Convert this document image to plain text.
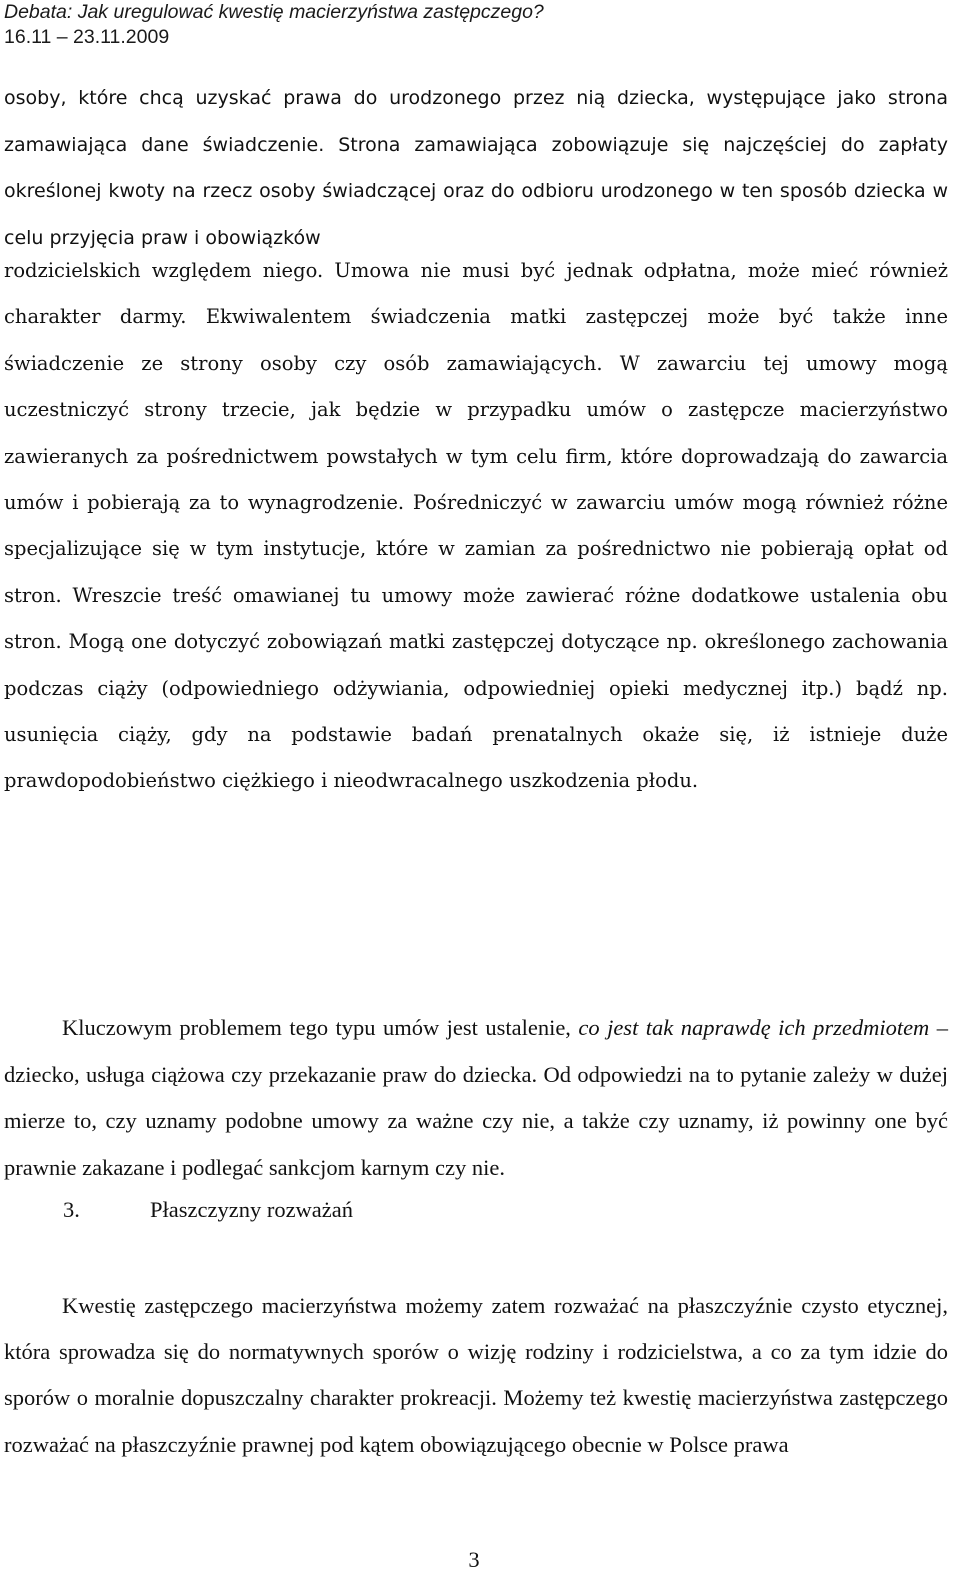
Debata: Jak uregulować kwestię macierzyństwa zastępczego?
16.11 – 23.11.2009
osoby, które chcą uzyskać prawa do urodzonego przez nią dziecka, występujące jako strona zamawiająca dane świadczenie. Strona zamawiająca zobowiązuje się najczęściej do zapłaty określonej kwoty na rzecz osoby świadczącej oraz do odbioru urodzonego w ten sposób dziecka w celu przyjęcia praw i obowiązków
rodzicielskich względem niego. Umowa nie musi być jednak odpłatna, może mieć również charakter darmy. Ekwiwalentem świadczenia matki zastępczej może być także inne świadczenie ze strony osoby czy osób zamawiających. W zawarciu tej umowy mogą uczestniczyć strony trzecie, jak będzie w przypadku umów o zastępcze macierzyństwo zawieranych za pośrednictwem powstałych w tym celu firm, które doprowadzają do zawarcia umów i pobierają za to wynagrodzenie. Pośredniczyć w zawarciu umów mogą również różne specjalizujące się w tym instytucje, które w zamian za pośrednictwo nie pobierają opłat od stron. Wreszcie treść omawianej tu umowy może zawierać różne dodatkowe ustalenia obu stron. Mogą one dotyczyć zobowiązań matki zastępczej dotyczące np. określonego zachowania podczas ciąży (odpowiedniego odżywiania, odpowiedniej opieki medycznej itp.) bądź np. usunięcia ciąży, gdy na podstawie badań prenatalnych okaże się, iż istnieje duże prawdopodobieństwo ciężkiego i nieodwracalnego uszkodzenia płodu.
Kluczowym problemem tego typu umów jest ustalenie, co jest tak naprawdę ich przedmiotem – dziecko, usługa ciążowa czy przekazanie praw do dziecka. Od odpowiedzi na to pytanie zależy w dużej mierze to, czy uznamy podobne umowy za ważne czy nie, a także czy uznamy, iż powinny one być prawnie zakazane i podlegać sankcjom karnym czy nie.
3.	Płaszczyzny rozważań
Kwestię zastępczego macierzyństwa możemy zatem rozważać na płaszczyźnie czysto etycznej, która sprowadza się do normatywnych sporów o wizję rodziny i rodzicielstwa, a co za tym idzie do sporów o moralnie dopuszczalny charakter prokreacji. Możemy też kwestię macierzyństwa zastępczego rozważać na płaszczyźnie prawnej pod kątem obowiązującego obecnie w Polsce prawa
3
